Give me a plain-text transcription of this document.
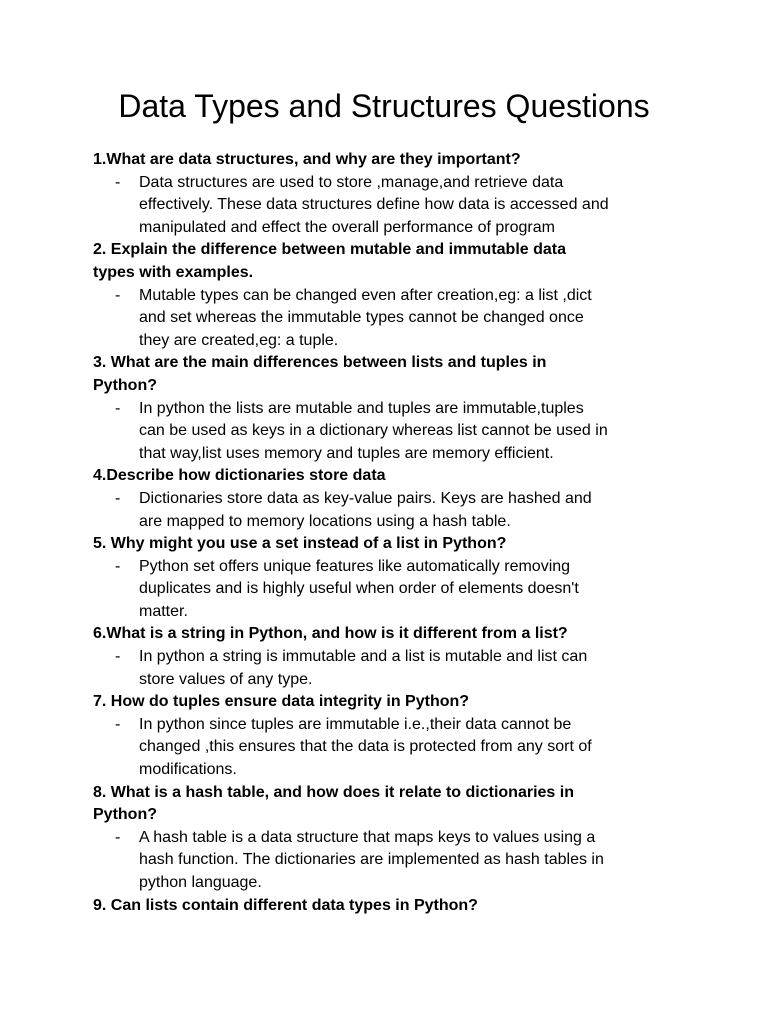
Data Types and Structures Questions

1.What are data structures, and why are they important?

- Data structures are used to store ,manage,and retrieve data
effectively. These data structures define how data is accessed and
manipulated and effect the overall performance of program

2. Explain the difference between mutable and immutable data
types with examples.

- Mutable types can be changed even after creation,eg: a list ,dict
and set whereas the immutable types cannot be changed once
they are created,eg: a tuple.

3. What are the main differences between lists and tuples in
Python?

- In python the lists are mutable and tuples are immutable,tuples
can be used as keys in a dictionary whereas list cannot be used in
that way,list uses memory and tuples are memory efficient.

4.Describe how dictionaries store data

- Dictionaries store data as key-value pairs. Keys are hashed and
are mapped to memory locations using a hash table.

5. Why might you use a set instead of a list in Python?

- Python set offers unique features like automatically removing
duplicates and is highly useful when order of elements doesn't
matter.

6.What is a string in Python, and how is it different from a list?

- In python a string is immutable and a list is mutable and list can
store values of any type.

7. How do tuples ensure data integrity in Python?

- In python since tuples are immutable i.e.,their data cannot be
changed ,this ensures that the data is protected from any sort of
modifications.

8. What is a hash table, and how does it relate to dictionaries in
Python?

- A hash table is a data structure that maps keys to values using a
hash function. The dictionaries are implemented as hash tables in
python language.

9. Can lists contain different data types in Python?
